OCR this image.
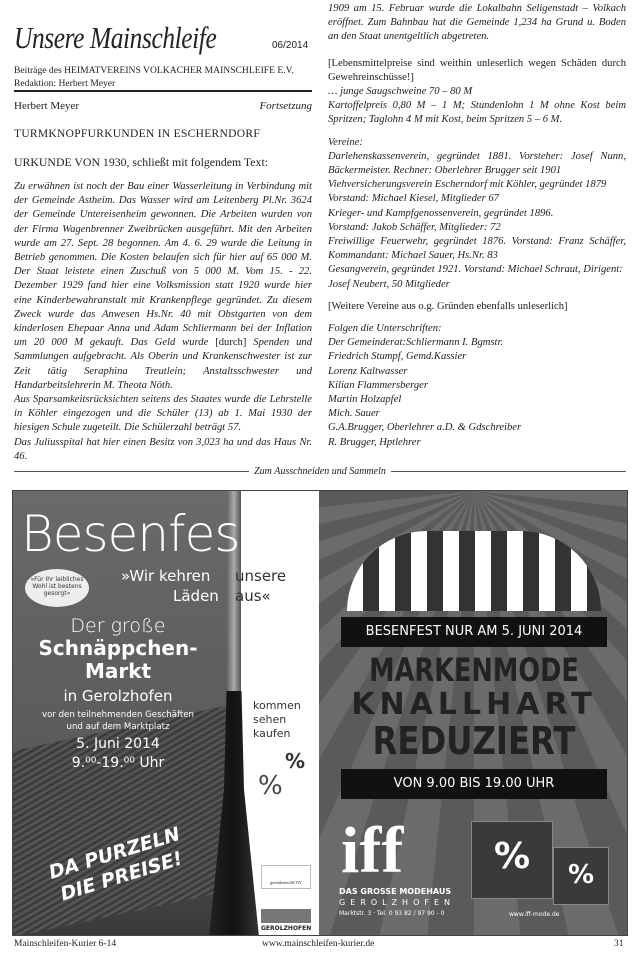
Unsere Mainschleife	06/2014
Beiträge des HEIMATVEREINS VOLKACHER MAINSCHLEIFE E.V.
Redaktion: Herbert Meyer
Herbert Meyer	Fortsetzung
TURMKNOPFURKUNDEN IN ESCHERNDORF
URKUNDE VON 1930, schließt mit folgendem Text:

Zu erwähnen ist noch der Bau einer Wasserleitung in Verbindung mit der Gemeinde Astheim. Das Wasser wird am Leitenberg Pl.Nr. 3624 der Gemeinde Untereisenheim gewonnen. Die Arbeiten wurden von der Firma Wagenbrenner Zweibrücken ausgeführt. Mit den Arbeiten wurde am 27. Sept. 28 begonnen. Am 4. 6. 29 wurde die Leitung in Betrieb genommen. Die Kosten belaufen sich für hier auf 65 000 M. Der Staat leistete einen Zuschuß von 5 000 M. Vom 15. - 22. Dezember 1929 fand hier eine Volksmission statt 1920 wurde hier eine Kinderbewahranstalt mit Krankenpflege gegründet. Zu diesem Zweck wurde das Anwesen Hs.Nr. 40 mit Obstgarten von dem kinderlosen Ehepaar Anna und Adam Schliermann bei der Inflation um 20 000 M gekauft. Das Geld wurde [durch] Spenden und Sammlungen aufgebracht. Als Oberin und Krankenschwester ist zur Zeit tätig Seraphina Treutlein; Anstaltsschwester und Handarbeitslehrerin M. Theota Nöth.

Aus Sparsamkeitsrücksichten seitens des Staates wurde die Lehrstelle in Köhler eingezogen und die Schüler (13) ab 1. Mai 1930 der hiesigen Schule zugeteilt. Die Schülerzahl beträgt 57.

Das Juliusspital hat hier einen Besitz von 3,023 ha und das Haus Nr. 46.

1909 am 15. Februar wurde die Lokalbahn Seligenstadt – Volkach eröffnet. Zum Bahnbau hat die Gemeinde 1,234 ha Grund u. Boden an den Staat unentgeltlich abgetreten.

[Lebensmittelpreise sind weithin unleserlich wegen Schäden durch Gewehreinschüsse!]

… junge Saugschweine 70 – 80 M

Kartoffelpreis 0,80 M – 1 M; Stundenlohn 1 M ohne Kost beim Spritzen; Taglohn 4 M mit Kost, beim Spritzen 5 – 6 M.

Vereine:

Darlehenskassenverein, gegründet 1881. Vorsteher: Josef Nunn, Bäckermeister. Rechner: Oberlehrer Brugger seit 1901

Viehversicherungsverein Escherndorf mit Köhler, gegründet 1879

Vorstand: Michael Kiesel, Mitglieder 67

Krieger- und Kampfgenossenverein, gegründet 1896.

Vorstand: Jakob Schäffer, Mitglieder: 72

Freiwillige Feuerwehr, gegründet 1876. Vorstand: Franz Schäffer, Kommandant: Michael Sauer, Hs.Nr. 83

Gesangverein, gegründet 1921. Vorstand: Michael Schraut, Dirigent: Josef Neubert, 50 Mitglieder

[Weitere Vereine aus o.g. Gründen ebenfalls unleserlich]

Folgen die Unterschriften:

Der Gemeinderat:Schliermann I. Bgmstr.

Friedrich Stumpf, Gemd.Kassier

Lorenz Kaltwasser

Kilian Flammersberger

Martin Holzapfel

Mich. Sauer

G.A.Brugger, Oberlehrer a.D. & Gdschreiber

R. Brugger, Hptlehrer

Zum Ausschneiden und Sammeln
Besenfest
»Für Ihr leibliches Wohl ist bestens gesorgt«
»Wir kehren
Läden
unsere
aus«
Der große
Schnäppchen-
Markt
in Gerolzhofen
vor den teilnehmenden Geschäften
und auf dem Marktplatz
5. Juni 2014
9.⁰⁰-19.⁰⁰ Uhr
DA PURZELN DIE PREISE!
kommen
sehen
kaufen
%
%
gerolzhofenAKTIV
GEROLZHOFEN
BESENFEST NUR AM 5. JUNI 2014
MARKENMODE
KNALLHART
REDUZIERT
VON 9.00 BIS 19.00 UHR
iff
DAS GROSSE MODEHAUS
GEROLZHOFEN
Marktstr. 3 · Tel. 0 93 82 / 97 90 - 0
%	%
www.iff-mode.de
Mainschleifen-Kurier 6-14	www.mainschleifen-kurier.de	31
